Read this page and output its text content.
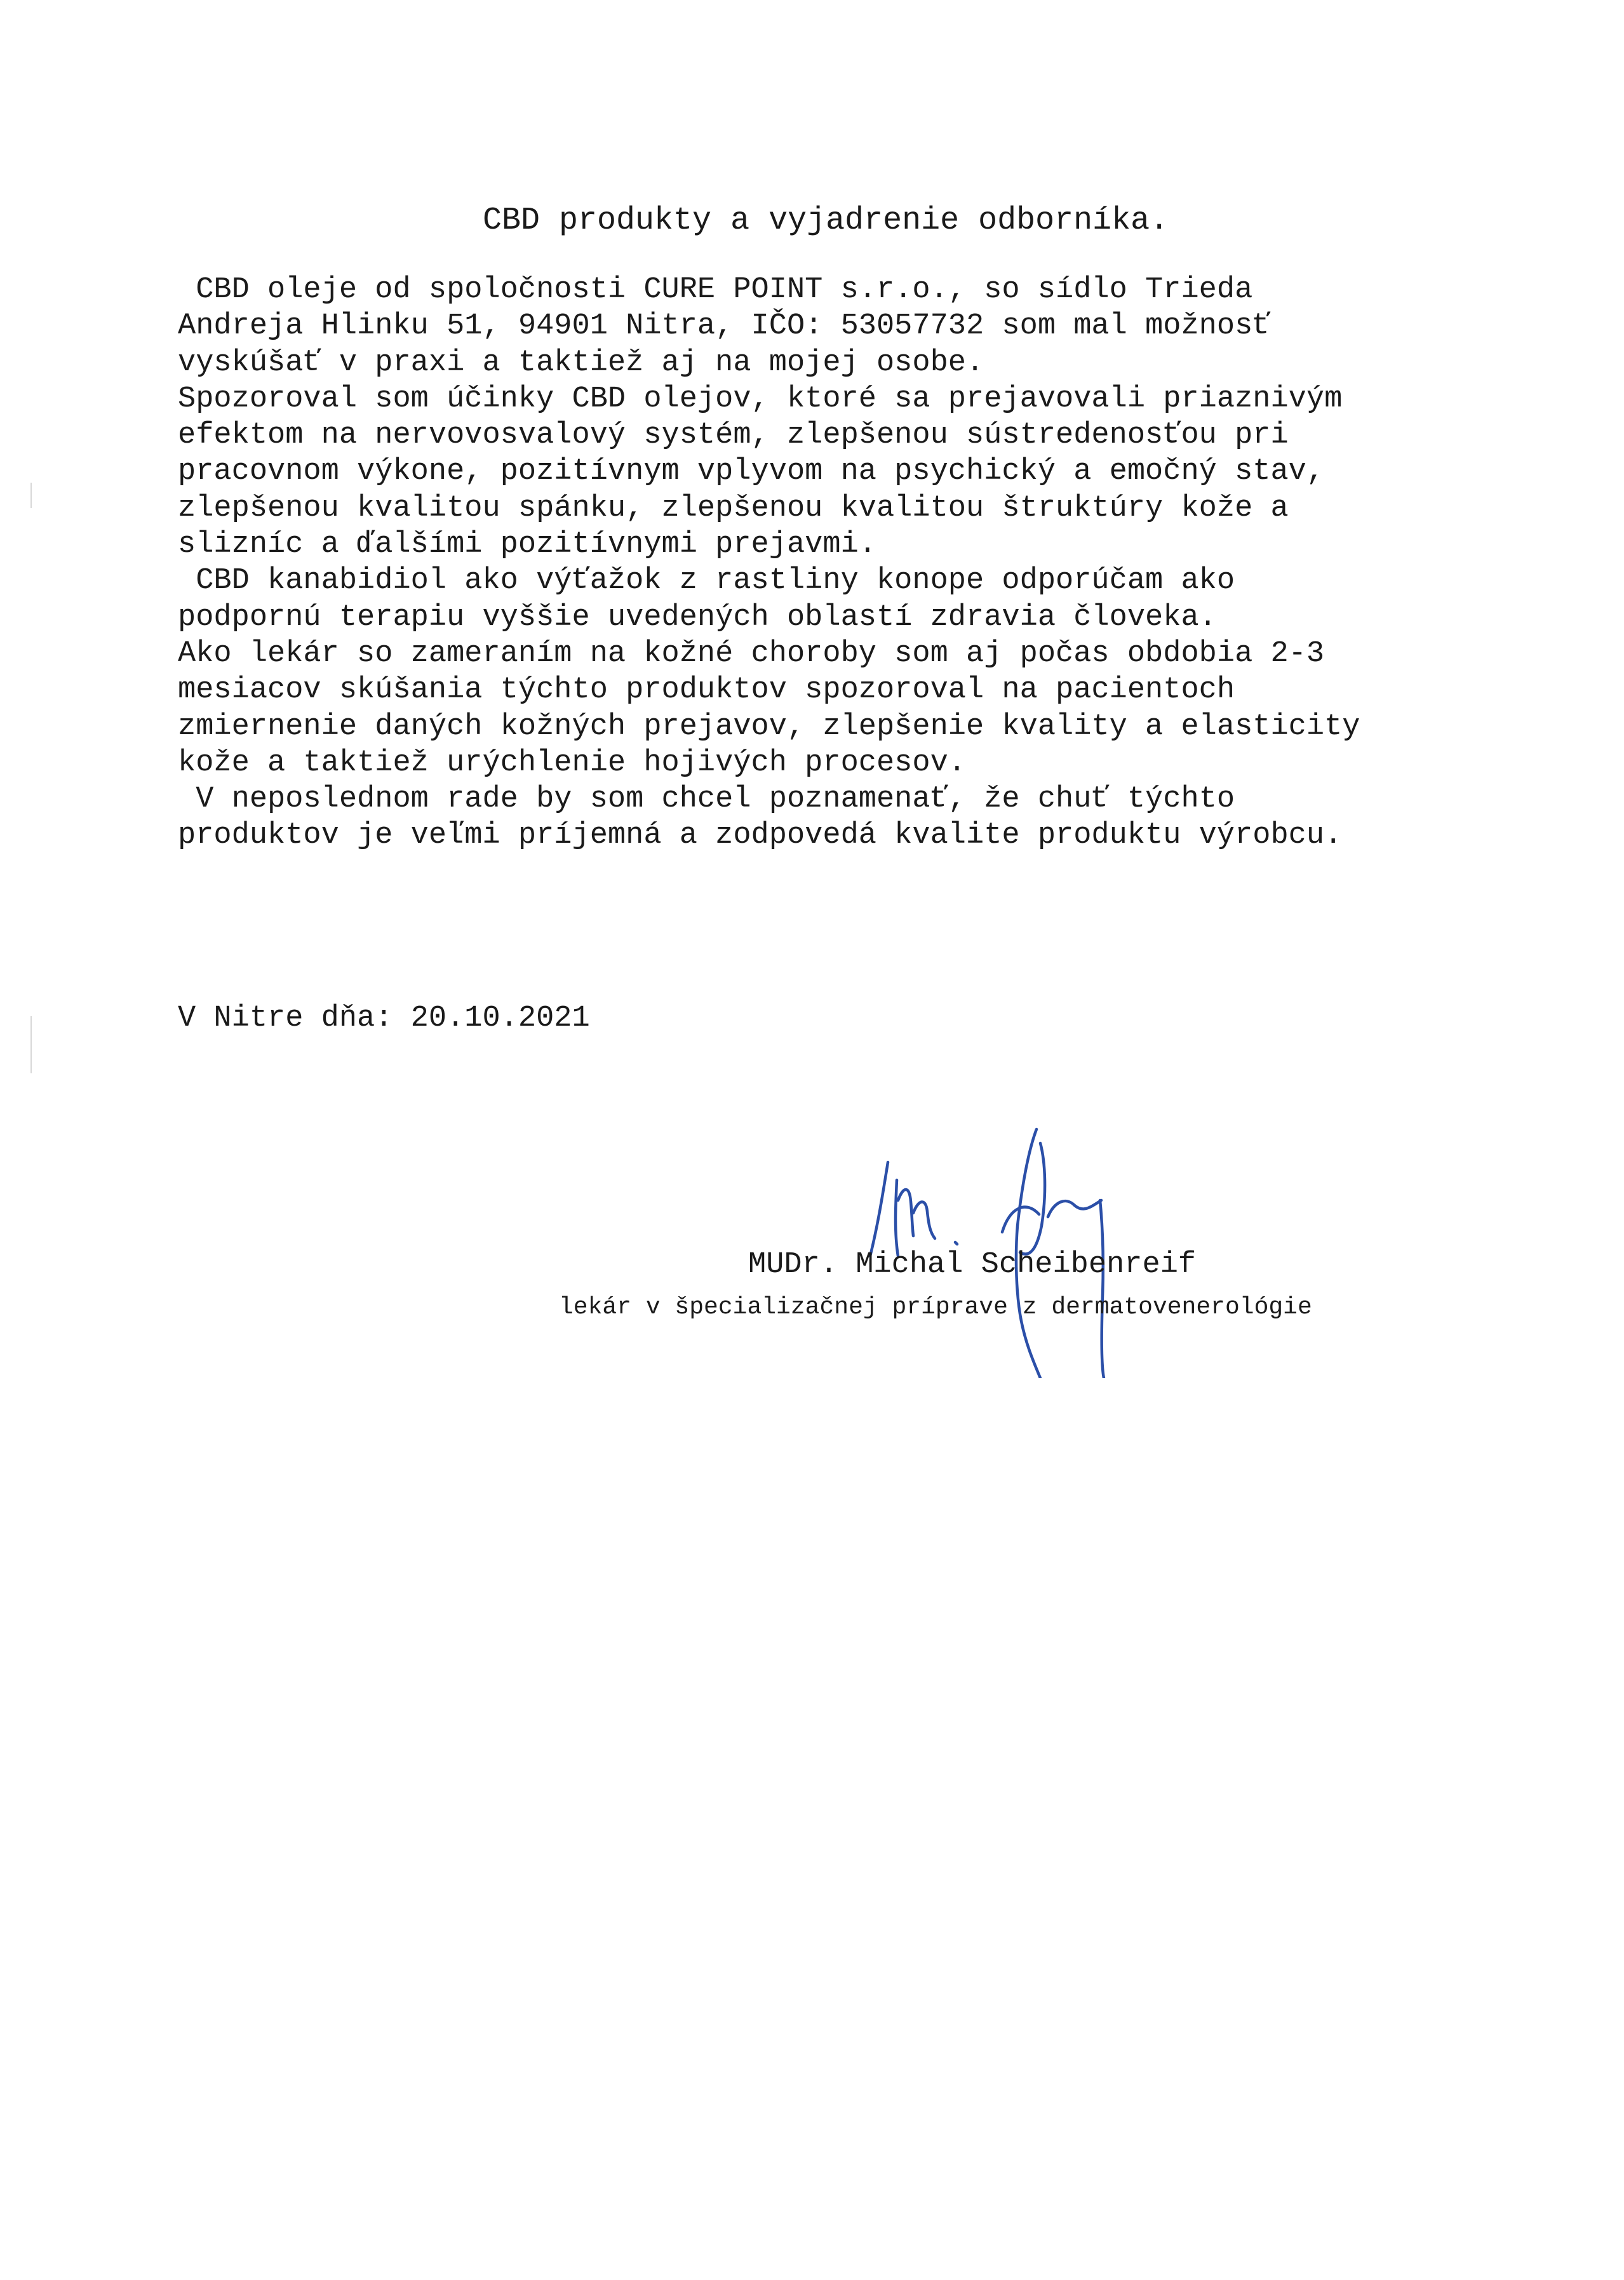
CBD produkty a vyjadrenie odborníka.
CBD oleje od spoločnosti CURE POINT s.r.o., so sídlo Trieda
Andreja Hlinku 51, 94901 Nitra, IČO: 53057732 som mal možnosť
vyskúšať v praxi a taktiež aj na mojej osobe.
Spozoroval som účinky CBD olejov, ktoré sa prejavovali priaznivým
efektom na nervovosvalový systém, zlepšenou sústredenosťou pri
pracovnom výkone, pozitívnym vplyvom na psychický a emočný stav,
zlepšenou kvalitou spánku, zlepšenou kvalitou štruktúry kože a
slizníc a ďalšími pozitívnymi prejavmi.
CBD kanabidiol ako výťažok z rastliny konope odporúčam ako
podpornú terapiu vyššie uvedených oblastí zdravia človeka.
Ako lekár so zameraním na kožné choroby som aj počas obdobia 2-3
mesiacov skúšania týchto produktov spozoroval na pacientoch
zmiernenie daných kožných prejavov, zlepšenie kvality a elasticity
kože a taktiež urýchlenie hojivých procesov.
V neposlednom rade by som chcel poznamenať, že chuť týchto
produktov je veľmi príjemná a zodpovedá kvalite produktu výrobcu.
V Nitre dňa: 20.10.2021
MUDr. Michal Scheibenreif
lekár v špecializačnej príprave z dermatovenerológie
